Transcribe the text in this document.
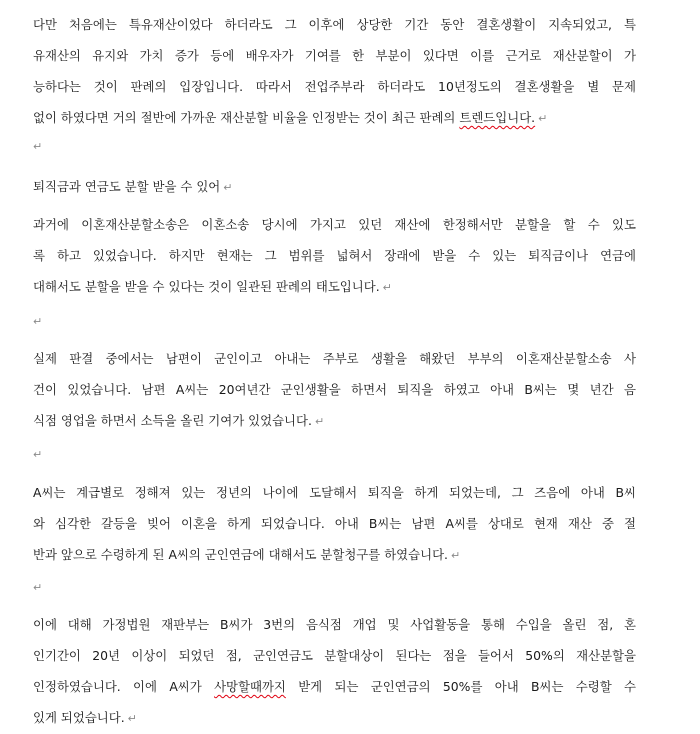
다만 처음에는 특유재산이었다 하더라도 그 이후에 상당한 기간 동안 결혼생활이 지속되었고, 특
유재산의 유지와 가치 증가 등에 배우자가 기여를 한 부분이 있다면 이를 근거로 재산분할이 가
능하다는 것이 판례의 입장입니다. 따라서 전업주부라 하더라도 10년정도의 결혼생활을 별 문제
없이 하였다면 거의 절반에 가까운 재산분할 비율을 인정받는 것이 최근 판례의 트렌드입니다. ↵
↵
퇴직금과 연금도 분할 받을 수 있어 ↵
과거에 이혼재산분할소송은 이혼소송 당시에 가지고 있던 재산에 한정해서만 분할을 할 수 있도
록 하고 있었습니다. 하지만 현재는 그 범위를 넓혀서 장래에 받을 수 있는 퇴직금이나 연금에
대해서도 분할을 받을 수 있다는 것이 일관된 판례의 태도입니다. ↵
↵
실제 판결 중에서는 남편이 군인이고 아내는 주부로 생활을 해왔던 부부의 이혼재산분할소송 사
건이 있었습니다. 남편 A씨는 20여년간 군인생활을 하면서 퇴직을 하였고 아내 B씨는 몇 년간 음
식점 영업을 하면서 소득을 올린 기여가 있었습니다. ↵
↵
A씨는 계급별로 정해져 있는 정년의 나이에 도달해서 퇴직을 하게 되었는데, 그 즈음에 아내 B씨
와 심각한 갈등을 빚어 이혼을 하게 되었습니다. 아내 B씨는 남편 A씨를 상대로 현재 재산 중 절
반과 앞으로 수령하게 된 A씨의 군인연금에 대해서도 분할청구를 하였습니다. ↵
↵
이에 대해 가정법원 재판부는 B씨가 3번의 음식점 개업 및 사업활동을 통해 수입을 올린 점, 혼
인기간이 20년 이상이 되었던 점, 군인연금도 분할대상이 된다는 점을 들어서 50%의 재산분할을
인정하였습니다. 이에 A씨가 사망할때까지 받게 되는 군인연금의 50%를 아내 B씨는 수령할 수
있게 되었습니다. ↵
